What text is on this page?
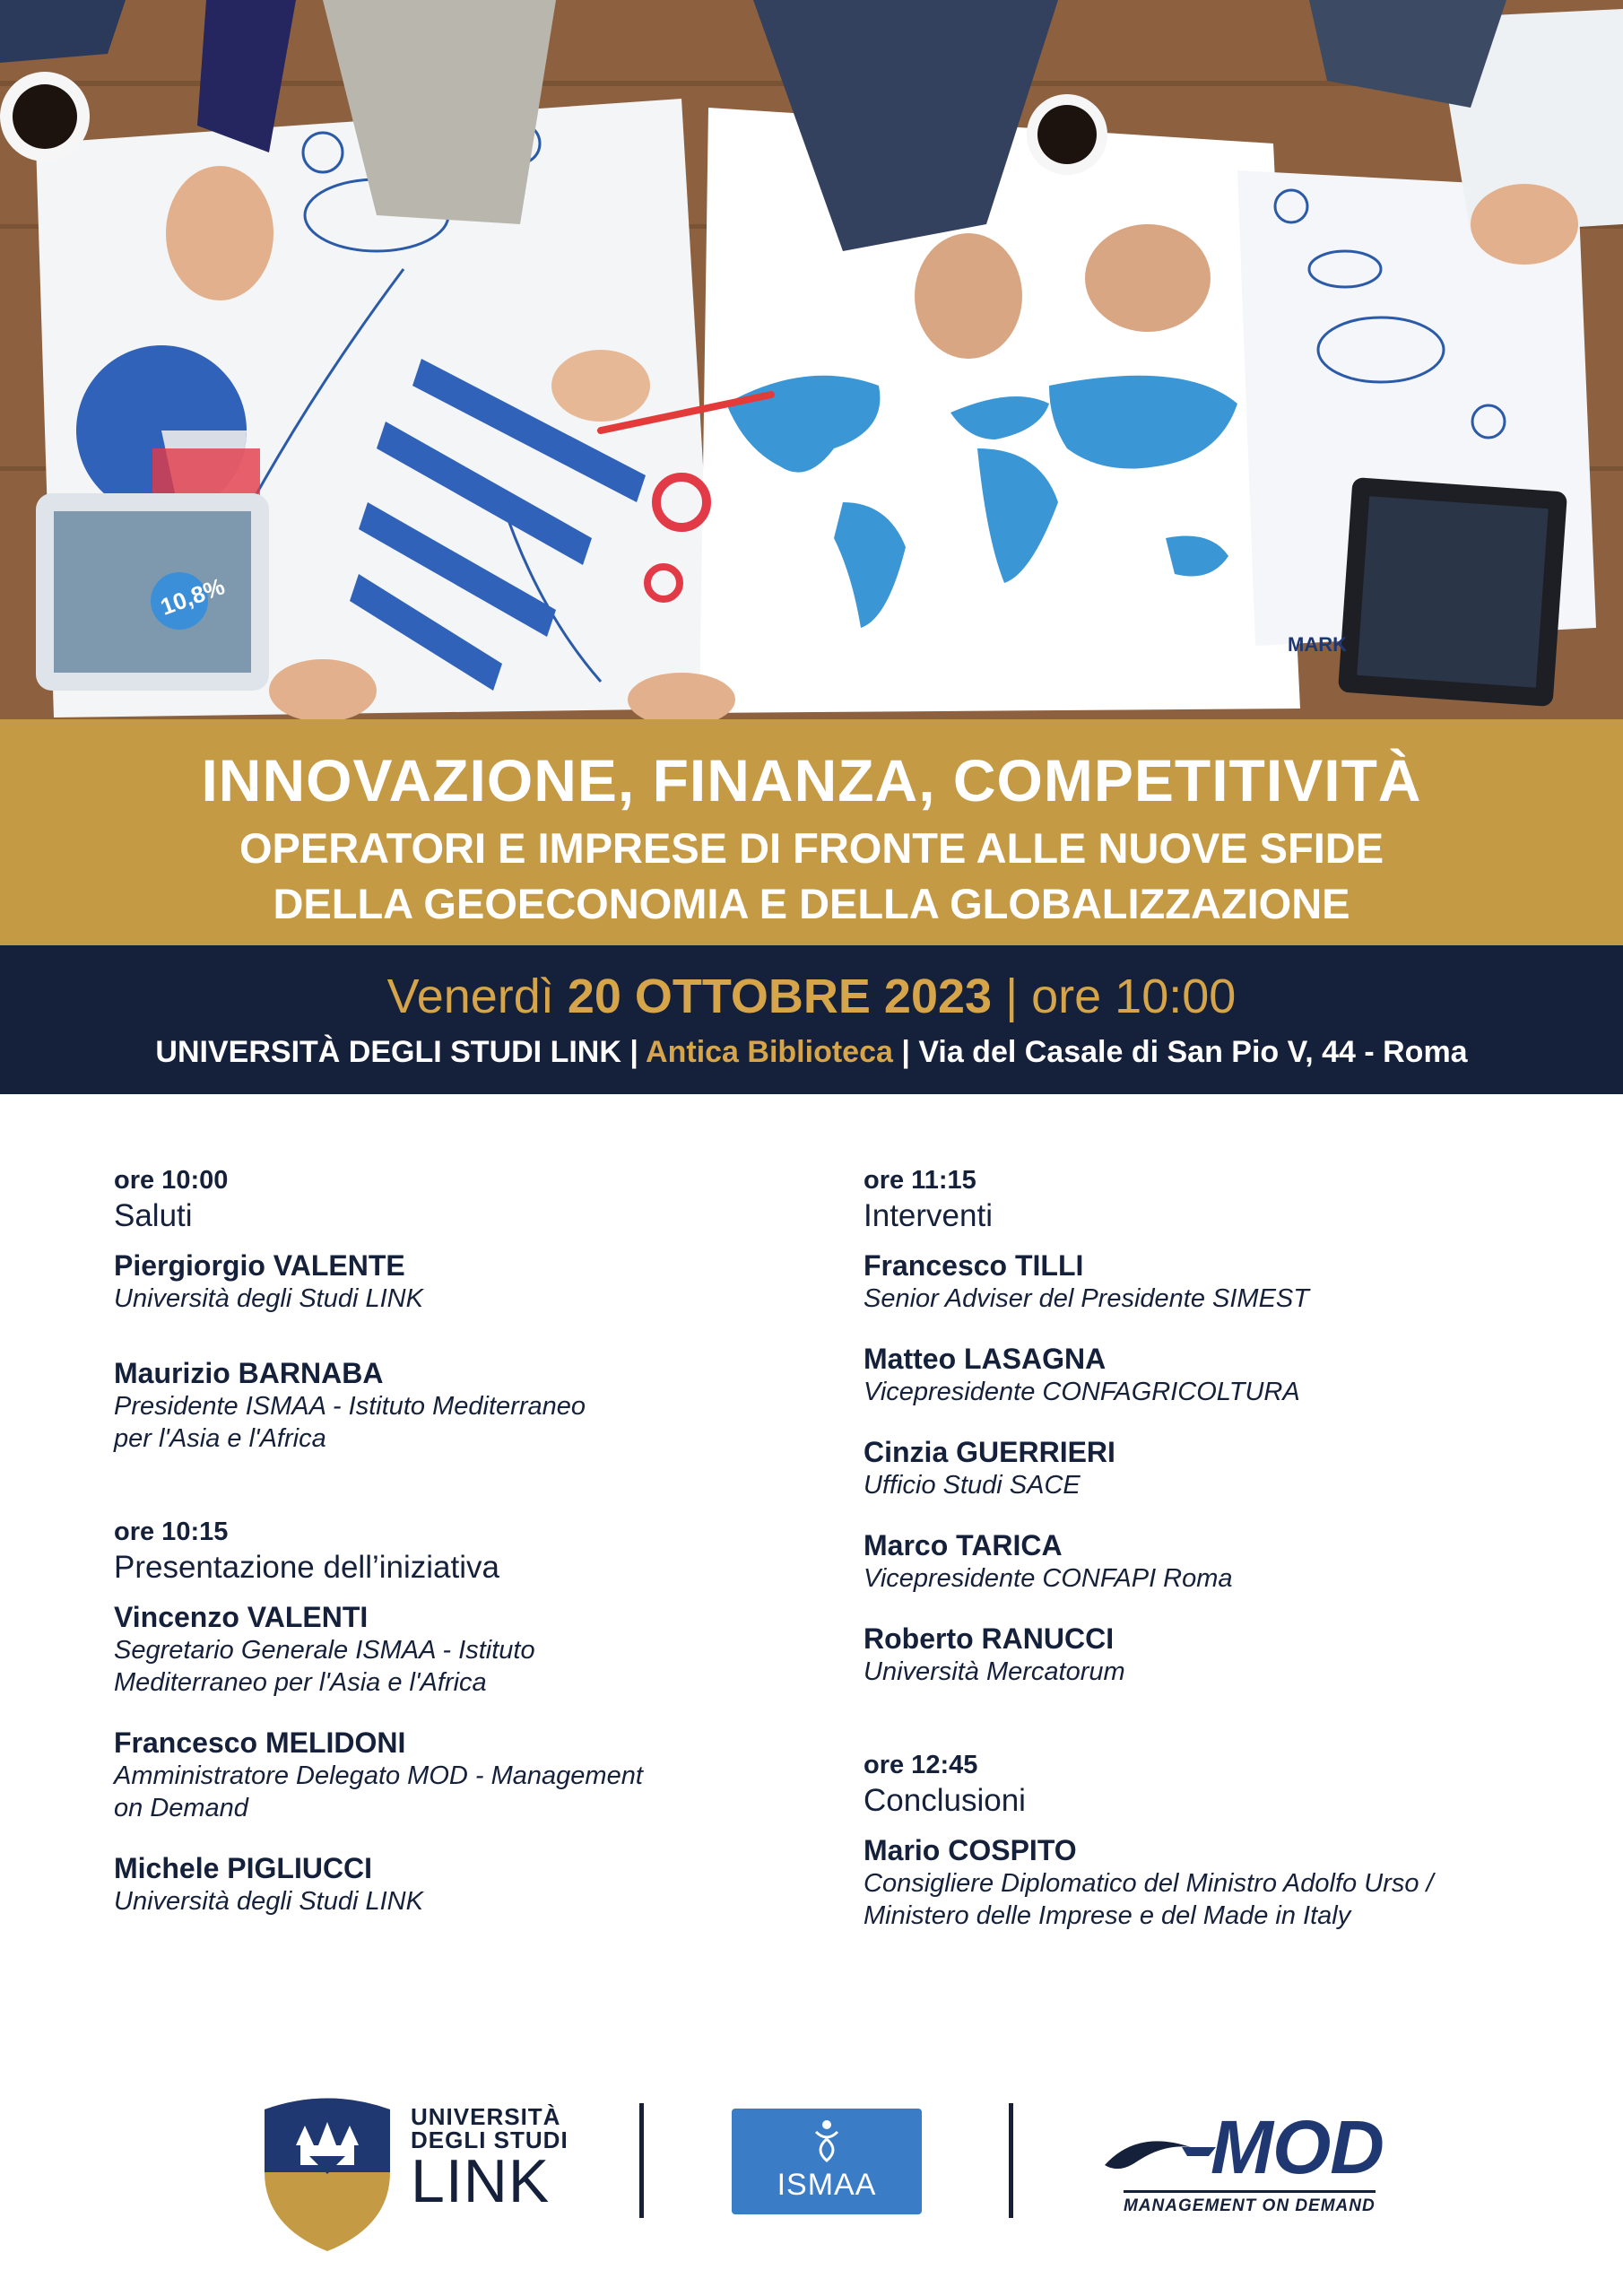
10,8%
MARK
INNOVAZIONE, FINANZA, COMPETITIVITÀ
OPERATORI E IMPRESE DI FRONTE ALLE NUOVE SFIDE
DELLA GEOECONOMIA E DELLA GLOBALIZZAZIONE
Venerdì 20 OTTOBRE 2023 | ore 10:00
UNIVERSITÀ DEGLI STUDI LINK | Antica Biblioteca | Via del Casale di San Pio V, 44 - Roma
ore 10:00
Saluti
Piergiorgio VALENTE
Università degli Studi LINK
Maurizio BARNABA
Presidente ISMAA - Istituto Mediterraneo
per l'Asia e l'Africa
ore 10:15
Presentazione dell’iniziativa
Vincenzo VALENTI
Segretario Generale ISMAA - Istituto
Mediterraneo per l'Asia e l'Africa
Francesco MELIDONI
Amministratore Delegato MOD - Management
on Demand
Michele PIGLIUCCI
Università degli Studi LINK
ore 11:15
Interventi
Francesco TILLI
Senior Adviser del Presidente SIMEST
Matteo LASAGNA
Vicepresidente CONFAGRICOLTURA
Cinzia GUERRIERI
Ufficio Studi SACE
Marco TARICA
Vicepresidente CONFAPI Roma
Roberto RANUCCI
Università Mercatorum
ore 12:45
Conclusioni
Mario COSPITO
Consigliere Diplomatico del Ministro Adolfo Urso /
Ministero delle Imprese e del Made in Italy
UNIVERSITÀ
DEGLI STUDI
LINK	ISMAA	MOD
MANAGEMENT ON DEMAND
